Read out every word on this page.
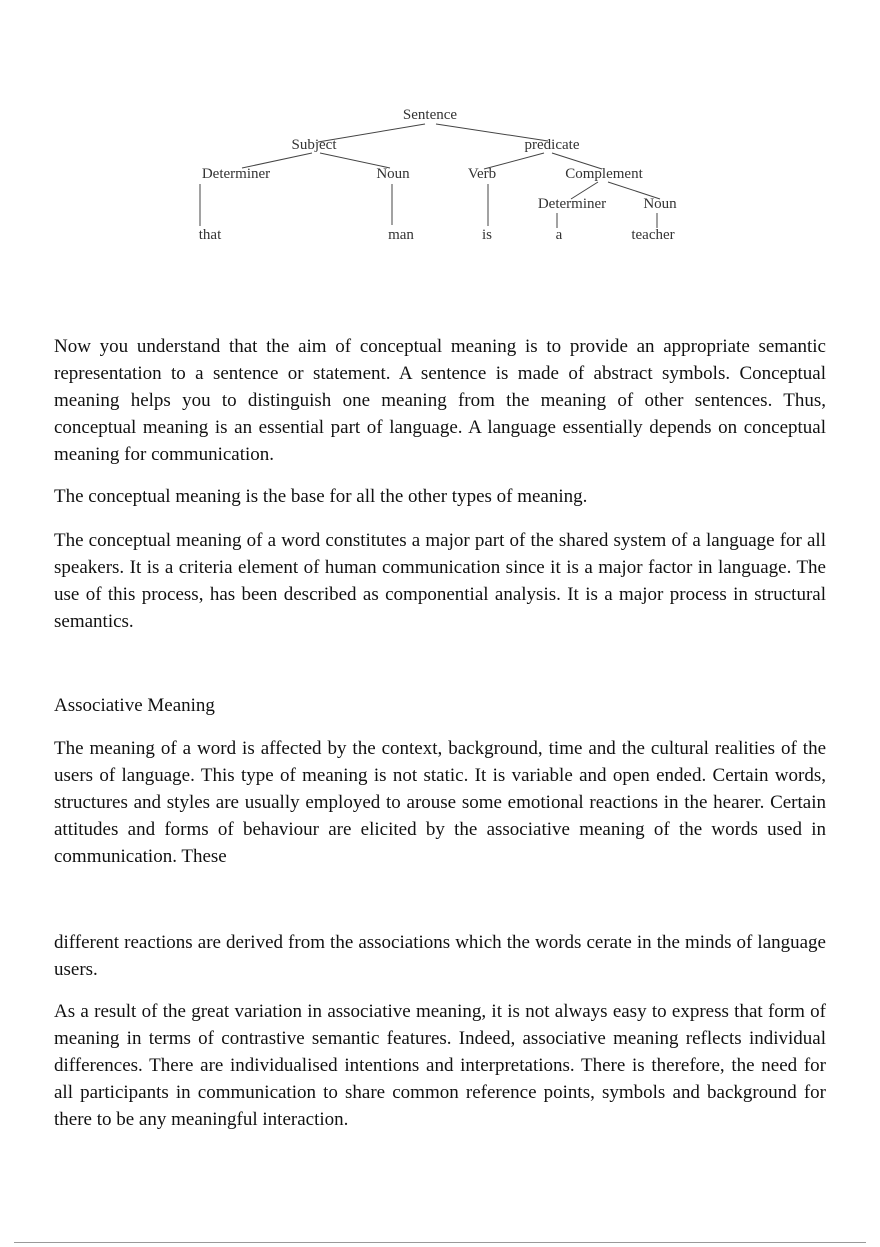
Sentence
Subject	predicate
Determiner	Noun	Verb	Complement
Determiner Noun
that	man	is	a	teacher

Now you understand that the aim of conceptual meaning is to provide an appropriate semantic representation to a sentence or statement. A sentence is made of abstract symbols. Conceptual meaning helps you to distinguish one meaning from the meaning of other sentences. Thus, conceptual meaning is an essential part of language. A language essentially depends on conceptual meaning for communication.

The conceptual meaning is the base for all the other types of meaning.

The conceptual meaning of a word constitutes a major part of the shared system of a language for all speakers. It is a criteria element of human communication since it is a major factor in language. The use of this process, has been described as componential analysis. It is a major process in structural semantics.

Associative Meaning

The meaning of a word is affected by the context, background, time and the cultural realities of the users of language. This type of meaning is not static. It is variable and open ended. Certain words, structures and styles are usually employed to arouse some emotional reactions in the hearer. Certain attitudes and forms of behaviour are elicited by the associative meaning of the words used in communication. These

different reactions are derived from the associations which the words cerate in the minds of language users.

As a result of the great variation in associative meaning, it is not always easy to express that form of meaning in terms of contrastive semantic features. Indeed, associative meaning reflects individual differences. There are individualised intentions and interpretations. There is therefore, the need for all participants in communication to share common reference points, symbols and background for there to be any meaningful interaction.
